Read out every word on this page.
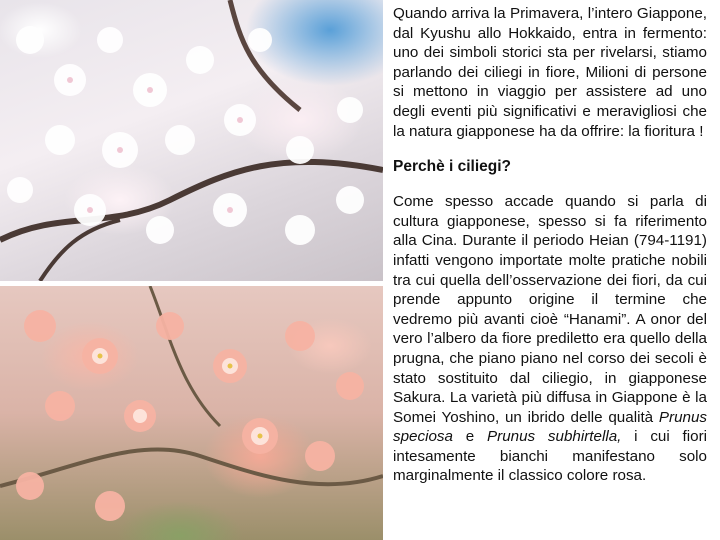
Quando arriva la Primavera, l’intero Giappone, dal Kyushu allo Hokkaido, entra in fermento: uno dei simboli storici sta per rivelarsi, stiamo parlando dei ciliegi in fiore, Milioni di persone si mettono in viaggio per assistere ad uno degli eventi più significativi e meravigliosi che la natura giapponese ha da offrire: la fioritura !

Perchè i ciliegi?

Come spesso accade quando si parla di cultura giapponese, spesso si fa riferimento alla Cina. Durante il periodo Heian (794-1191) infatti vengono importate molte pratiche nobili tra cui quella dell’osservazione dei fiori, da cui prende appunto origine il termine che vedremo più avanti cioè “Hanami”. A onor del vero l’albero da fiore prediletto era quello della prugna, che piano piano nel corso dei secoli è stato sostituito dal ciliegio, in giapponese Sakura. La varietà più diffusa in Giappone è la Somei Yoshino, un ibrido delle qualità Prunus speciosa e Prunus subhirtella, i cui fiori intesamente bianchi manifestano solo marginalmente il classico colore rosa.
